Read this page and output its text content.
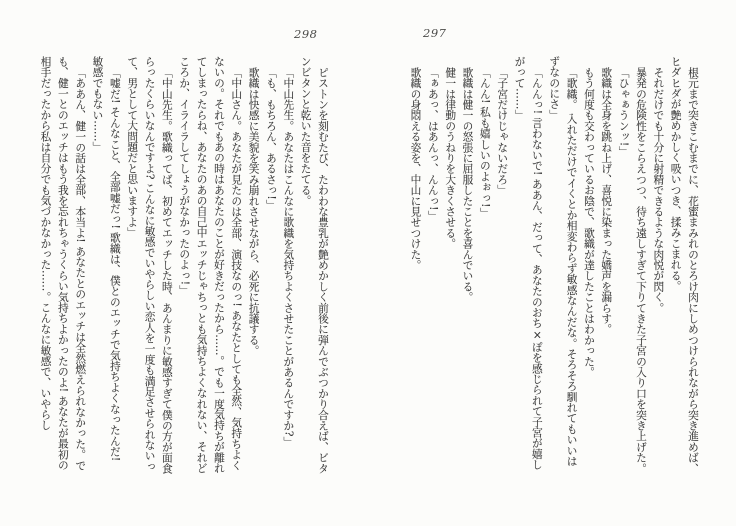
298

ピストンを刻むたび、たわわな豊乳が艶めかしく前後に弾んでぶつかり合えば、ビタンビタンと乾いた音をたてる。

「中山先生。あなたはこんなに歌織を気持ちよくさせたことがあるんですか?」

「も、もちろん、あるさっ!」

歌織は快感に美貌を笑み崩れさせながら、必死に抗議する。

「中山さん。あなたが見たのは全部、演技なのっ! あなたとしても全然、気持ちよくないの。それでもあの時はあなたのことが好きだったから……。でも一度気持ちが離れてしまったらね、あなたのあの自己中エッチじゃちっとも気持ちよくなれない、それどころか、イライラしてしょうがなかったのよっ!」

「中山先生。歌織ってば、初めてエッチした時、あんまりに敏感すぎて僕の方が面食らったくらいなんですよ? こんなに敏感でいやらしい恋人を一度も満足させられないって、男として大問題だと思いますよ」

「嘘だ! そんなこと、全部嘘だっ! 歌織は、僕とのエッチで気持ちよくなったんだ! 敏感でもない……」

「ああん、健一の話は全部、本当よ! あなたとのエッチは全然燃えられなかった。でも、健一とのエッチはもう我を忘れちゃうくらい気持ちよかったのよ! あなたが最初の相手だったから私は自分でも気づかなかった……。こんなに敏感で、いやらし

297

根元まで突きこむまでに、花蜜まみれのとろけ肉にしめつけられながら突き進めば、ヒダヒダが艶めかしく吸いつき、揉みこまれる。

それだけでも十分に射精できるような肉悦が閃く。

暴発の危険性をこらえつつ、待ち遠しすぎて下りてきた子宮の入り口を突き上げた。

「ひゃぁうンッ!」

歌織は全身を跳ね上げ、喜悦に染まった嬌声を漏らす。

もう何度も交わっているお陰で、歌織が達したことはわかった。

「歌織。 入れただけでイくとか相変わらず敏感なんだな。そろそろ馴れてもいいはずなのにさ」

「んんっ! 言わないで! ああん、だって、あなたのおち×ぽを感じられて子宮が嬉しがって……」

「子宮だけじゃないだろ」

「んん! 私も嬉しいのよぉっ!」

歌織は健一の怒張に屈服したことを喜んでいる。

健一は律動のうねりを大きくさせる。

「ぁあっ、はあんっ、んんっ!」

歌織の身悶える姿を、中山に見せつけた。
